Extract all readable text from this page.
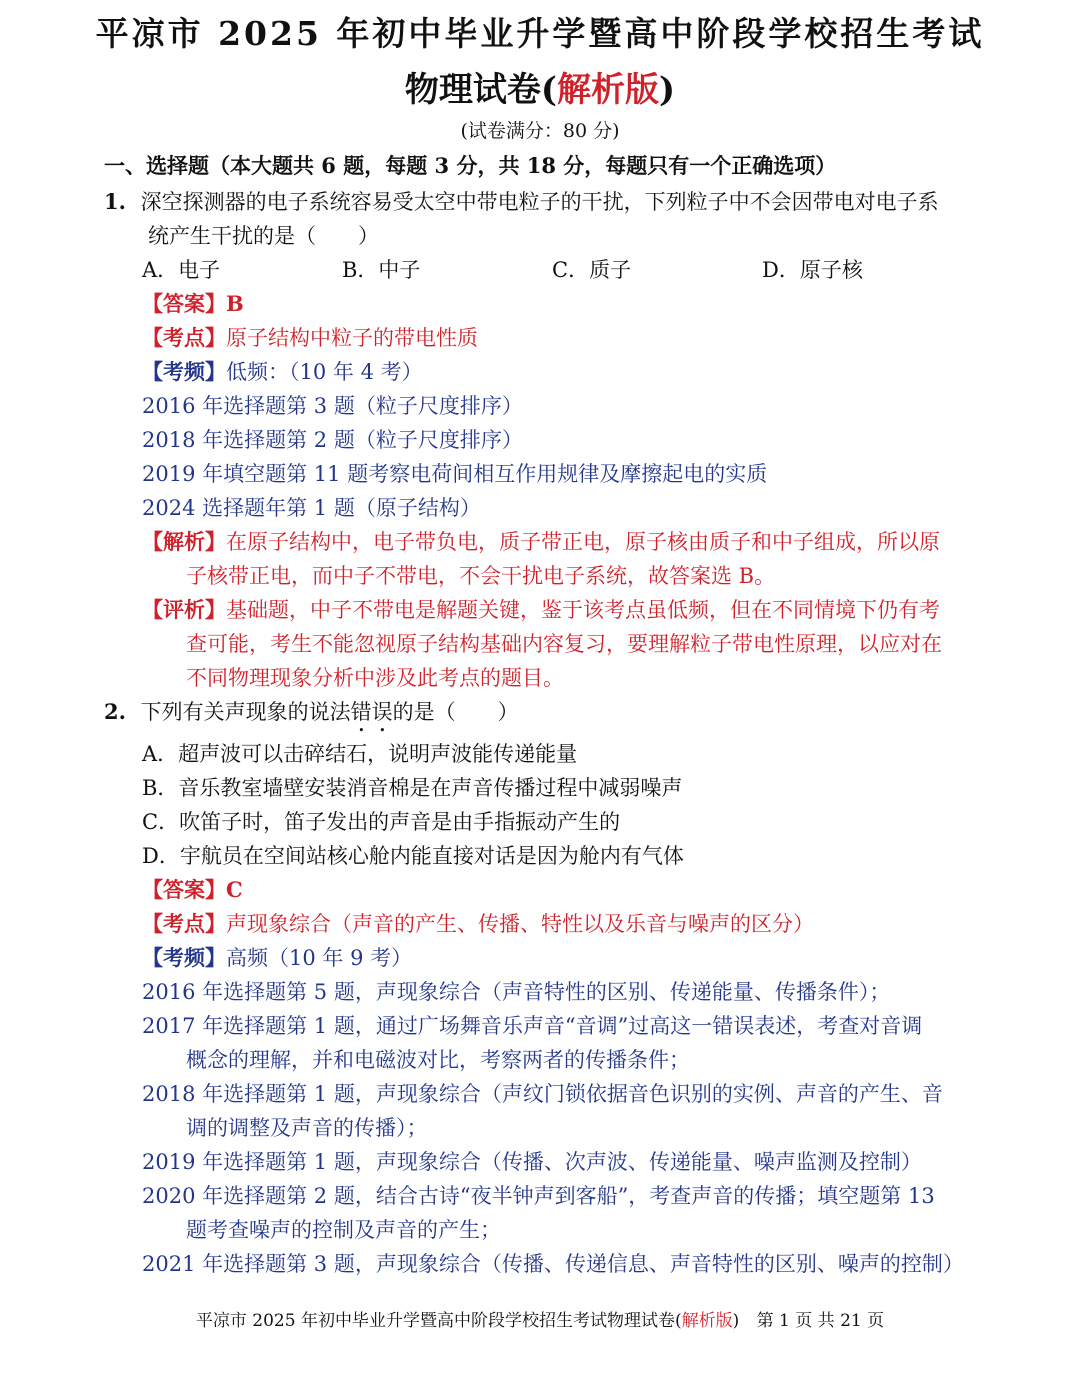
平凉市 2025 年初中毕业升学暨高中阶段学校招生考试
物理试卷(解析版)
(试卷满分：80 分)
一、选择题（本大题共 6 题，每题 3 分，共 18 分，每题只有一个正确选项）
1. 深空探测器的电子系统容易受太空中带电粒子的干扰，下列粒子中不会因带电对电子系
统产生干扰的是（　　）
A．电子	B．中子	C．质子	D．原子核
【答案】B
【考点】原子结构中粒子的带电性质
【考频】低频：（10 年 4 考）
2016 年选择题第 3 题（粒子尺度排序）
2018 年选择题第 2 题（粒子尺度排序）
2019 年填空题第 11 题考察电荷间相互作用规律及摩擦起电的实质
2024 选择题年第 1 题（原子结构）
【解析】在原子结构中，电子带负电，质子带正电，原子核由质子和中子组成，所以原
子核带正电，而中子不带电，不会干扰电子系统，故答案选 B。
【评析】基础题，中子不带电是解题关键，鉴于该考点虽低频，但在不同情境下仍有考
查可能，考生不能忽视原子结构基础内容复习，要理解粒子带电性原理，以应对在
不同物理现象分析中涉及此考点的题目。
2. 下列有关声现象的说法错误的是（　　）
A．超声波可以击碎结石，说明声波能传递能量
B．音乐教室墙壁安装消音棉是在声音传播过程中减弱噪声
C．吹笛子时，笛子发出的声音是由手指振动产生的
D．宇航员在空间站核心舱内能直接对话是因为舱内有气体
【答案】C
【考点】声现象综合（声音的产生、传播、特性以及乐音与噪声的区分）
【考频】高频（10 年 9 考）
2016 年选择题第 5 题，声现象综合（声音特性的区别、传递能量、传播条件）；
2017 年选择题第 1 题，通过广场舞音乐声音“音调”过高这一错误表述，考查对音调
概念的理解，并和电磁波对比，考察两者的传播条件；
2018 年选择题第 1 题，声现象综合（声纹门锁依据音色识别的实例、声音的产生、音
调的调整及声音的传播）；
2019 年选择题第 1 题，声现象综合（传播、次声波、传递能量、噪声监测及控制）
2020 年选择题第 2 题，结合古诗“夜半钟声到客船”，考查声音的传播；填空题第 13
题考查噪声的控制及声音的产生；
2021 年选择题第 3 题，声现象综合（传播、传递信息、声音特性的区别、噪声的控制）
平凉市 2025 年初中毕业升学暨高中阶段学校招生考试物理试卷(解析版) 第 1 页 共 21 页
